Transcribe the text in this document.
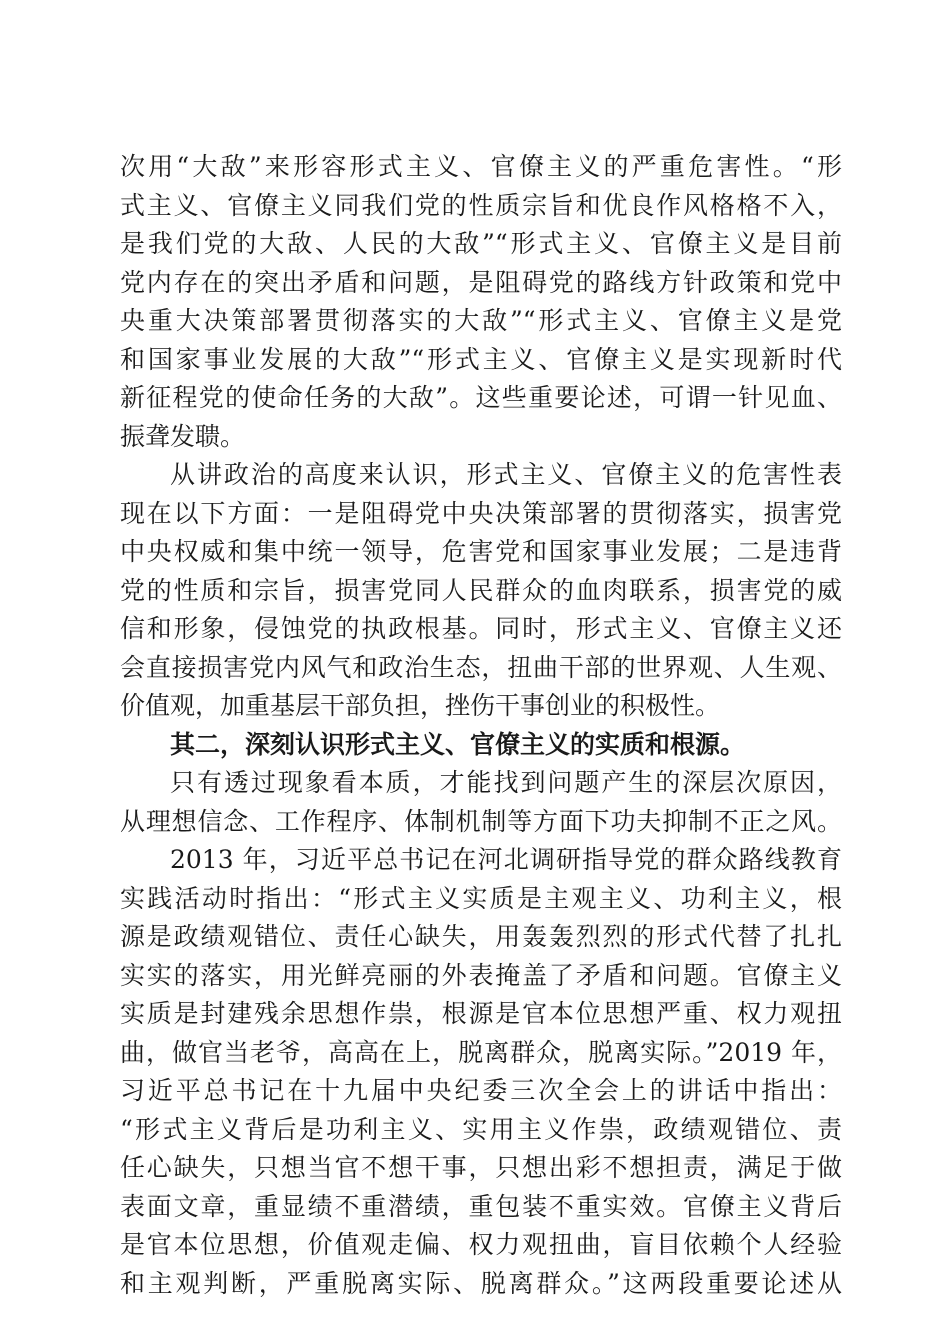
次用“大敌”来形容形式主义、官僚主义的严重危害性。“形
式主义、官僚主义同我们党的性质宗旨和优良作风格格不入，
是我们党的大敌、人民的大敌”“形式主义、官僚主义是目前
党内存在的突出矛盾和问题，是阻碍党的路线方针政策和党中
央重大决策部署贯彻落实的大敌”“形式主义、官僚主义是党
和国家事业发展的大敌”“形式主义、官僚主义是实现新时代
新征程党的使命任务的大敌”。这些重要论述，可谓一针见血、
振聋发聩。
从讲政治的高度来认识，形式主义、官僚主义的危害性表
现在以下方面：一是阻碍党中央决策部署的贯彻落实，损害党
中央权威和集中统一领导，危害党和国家事业发展；二是违背
党的性质和宗旨，损害党同人民群众的血肉联系，损害党的威
信和形象，侵蚀党的执政根基。同时，形式主义、官僚主义还
会直接损害党内风气和政治生态，扭曲干部的世界观、人生观、
价值观，加重基层干部负担，挫伤干事创业的积极性。
其二，深刻认识形式主义、官僚主义的实质和根源。
只有透过现象看本质，才能找到问题产生的深层次原因，
从理想信念、工作程序、体制机制等方面下功夫抑制不正之风。
2013 年，习近平总书记在河北调研指导党的群众路线教育
实践活动时指出：“形式主义实质是主观主义、功利主义，根
源是政绩观错位、责任心缺失，用轰轰烈烈的形式代替了扎扎
实实的落实，用光鲜亮丽的外表掩盖了矛盾和问题。官僚主义
实质是封建残余思想作祟，根源是官本位思想严重、权力观扭
曲，做官当老爷，高高在上，脱离群众，脱离实际。”2019 年，
习近平总书记在十九届中央纪委三次全会上的讲话中指出：
“形式主义背后是功利主义、实用主义作祟，政绩观错位、责
任心缺失，只想当官不想干事，只想出彩不想担责，满足于做
表面文章，重显绩不重潜绩，重包装不重实效。官僚主义背后
是官本位思想，价值观走偏、权力观扭曲，盲目依赖个人经验
和主观判断，严重脱离实际、脱离群众。”这两段重要论述从
